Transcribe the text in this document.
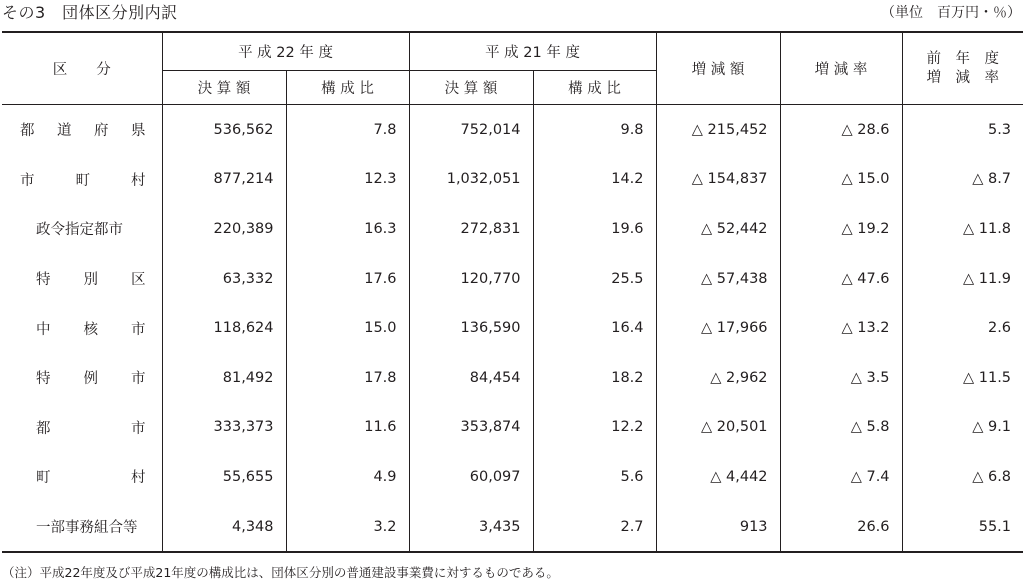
その3　団体区分別内訳	（単位　百万円・％）
区　　分	平 成 22 年 度		平 成 21 年 度		増 減 額	増 減 率	前　年　度
増　減　率
	決 算 額	構 成 比	決 算 額	構 成 比			

都 道 府 県	536,562	7.8	752,014	9.8	△ 215,452	△ 28.6	5.3

市 町 村	877,214	12.3	1,032,051	14.2	△ 154,837	△ 15.0	△ 8.7

政令指定都市	220,389	16.3	272,831	19.6	△ 52,442	△ 19.2	△ 11.8

特 別 区	63,332	17.6	120,770	25.5	△ 57,438	△ 47.6	△ 11.9

中 核 市	118,624	15.0	136,590	16.4	△ 17,966	△ 13.2	2.6

特 例 市	81,492	17.8	84,454	18.2	△ 2,962	△ 3.5	△ 11.5

都 市	333,373	11.6	353,874	12.2	△ 20,501	△ 5.8	△ 9.1

町 村	55,655	4.9	60,097	5.6	△ 4,442	△ 7.4	△ 6.8

一部事務組合等	4,348	3.2	3,435	2.7	913	26.6	55.1
（注）平成22年度及び平成21年度の構成比は、団体区分別の普通建設事業費に対するものである。
